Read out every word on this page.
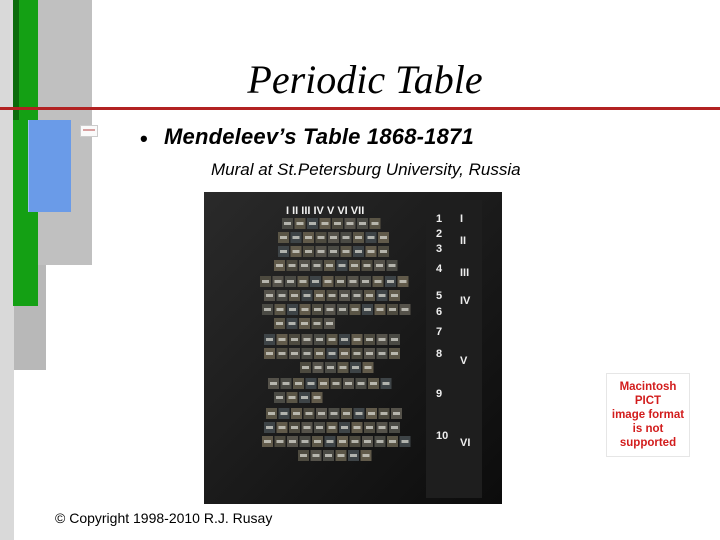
Periodic Table
• Mendeleev’s Table 1868-1871
Mural at St.Petersburg University, Russia
I II III IV V VI VII
1
2
3
4
5
6
7
8
9
10
I
II
III
IV
V
VI
Macintosh PICT
image format
is not supported
© Copyright 1998-2010 R.J. Rusay
